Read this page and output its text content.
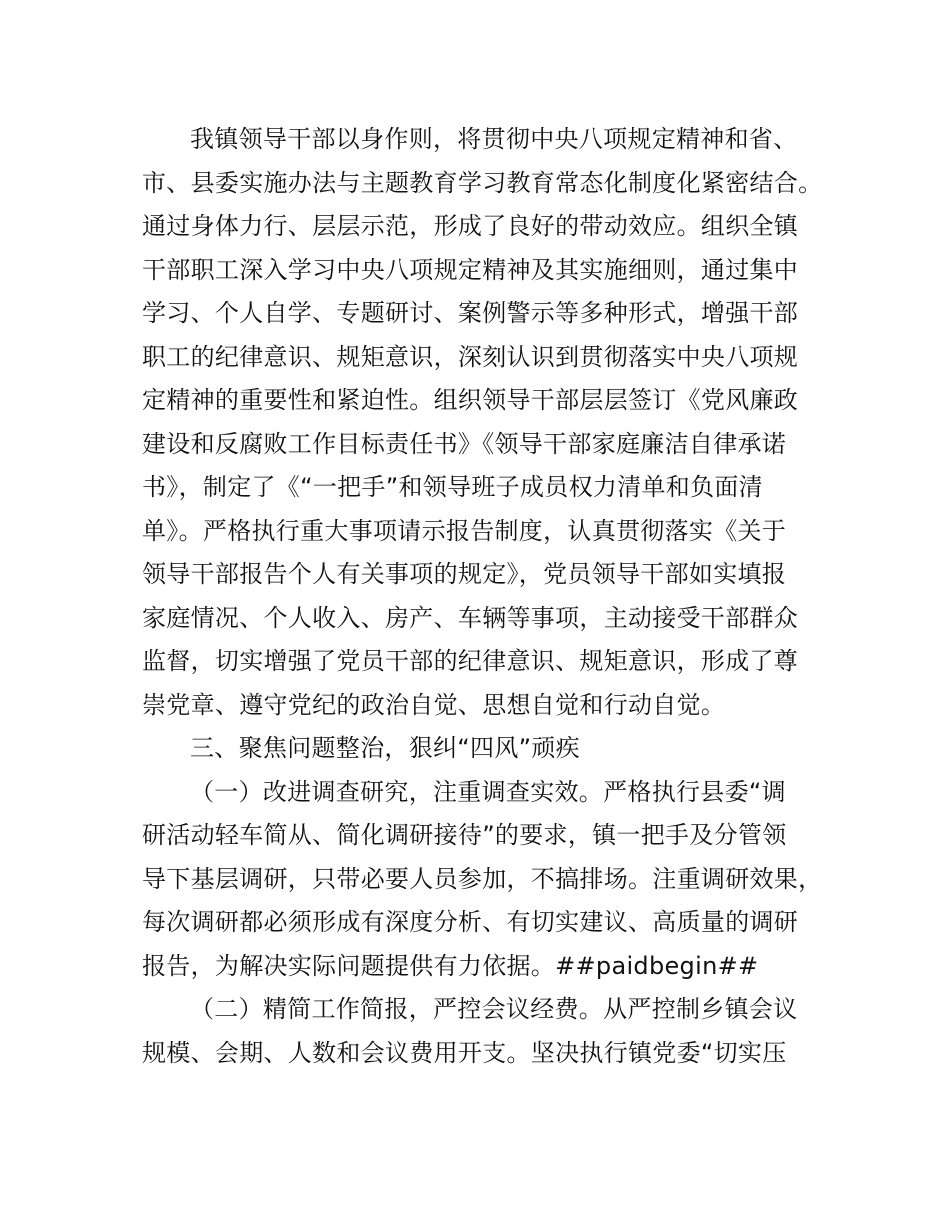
我镇领导干部以身作则，将贯彻中央八项规定精神和省、
市、县委实施办法与主题教育学习教育常态化制度化紧密结合。
通过身体力行、层层示范，形成了良好的带动效应。组织全镇
干部职工深入学习中央八项规定精神及其实施细则，通过集中
学习、个人自学、专题研讨、案例警示等多种形式，增强干部
职工的纪律意识、规矩意识，深刻认识到贯彻落实中央八项规
定精神的重要性和紧迫性。组织领导干部层层签订《党风廉政
建设和反腐败工作目标责任书》《领导干部家庭廉洁自律承诺
书》，制定了《“一把手”和领导班子成员权力清单和负面清
单》。严格执行重大事项请示报告制度，认真贯彻落实《关于
领导干部报告个人有关事项的规定》，党员领导干部如实填报
家庭情况、个人收入、房产、车辆等事项，主动接受干部群众
监督，切实增强了党员干部的纪律意识、规矩意识，形成了尊
崇党章、遵守党纪的政治自觉、思想自觉和行动自觉。
三、聚焦问题整治，狠纠“四风”顽疾
（一）改进调查研究，注重调查实效。严格执行县委“调
研活动轻车简从、简化调研接待”的要求，镇一把手及分管领
导下基层调研，只带必要人员参加，不搞排场。注重调研效果，
每次调研都必须形成有深度分析、有切实建议、高质量的调研
报告，为解决实际问题提供有力依据。##paidbegin##
（二）精简工作简报，严控会议经费。从严控制乡镇会议
规模、会期、人数和会议费用开支。坚决执行镇党委“切实压
